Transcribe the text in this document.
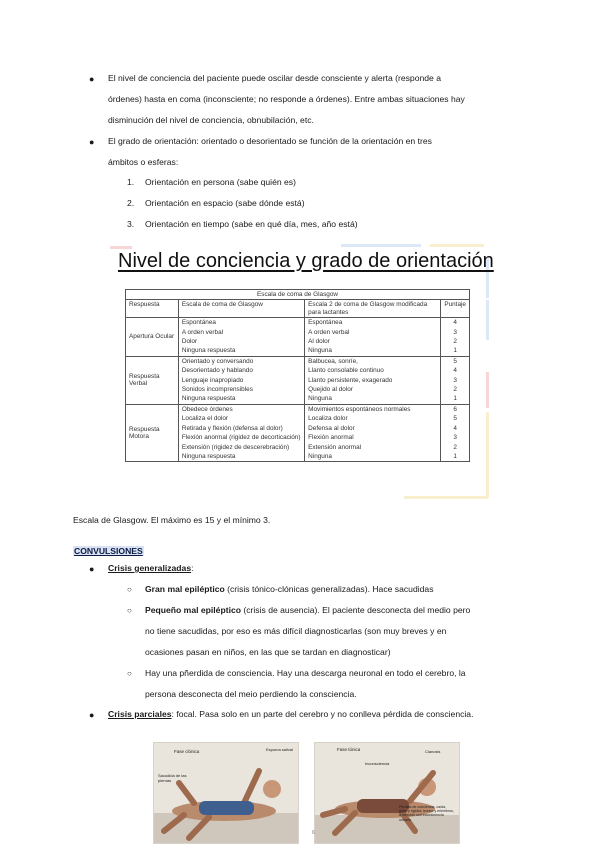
● El nivel de conciencia del paciente puede oscilar desde consciente y alerta (responde a
órdenes) hasta en coma (inconsciente; no responde a órdenes). Entre ambas situaciones hay
disminución del nivel de conciencia, obnubilación, etc.
● El grado de orientación: orientado o desorientado se función de la orientación en tres
ámbitos o esferas:
1. Orientación en persona (sabe quién es)
2. Orientación en espacio (sabe dónde está)
3. Orientación en tiempo (sabe en qué día, mes, año está)
Nivel de conciencia y grado de orientación
Escala de coma de Glasgow			
Respuesta	Escala de coma de Glasgow	Escala 2 de coma de Glasgow modificada para lactantes	Puntaje
Apertura Ocular	Espontánea	Espontánea	4
	A orden verbal	A orden verbal	3
	Dolor	Al dolor	2
	Ninguna respuesta	Ninguna	1
Respuesta Verbal	Orientado y conversando	Balbucea, sonríe,	5
	Desorientado y hablando	Llanto consolable continuo	4
	Lenguaje inapropiado	Llanto persistente, exagerado	3
	Sonidos incomprensibles	Quejido al dolor	2
	Ninguna respuesta	Ninguna	1
Respuesta Motora	Obedece órdenes	Movimientos espontáneos normales	6
	Localiza el dolor	Localiza dolor	5
	Retirada y flexión (defensa al dolor)	Defensa al dolor	4
	Flexión anormal (rigidez de decorticación)	Flexión anormal	3
	Extensión (rigidez de descerebración)	Extensión anormal	2
	Ninguna respuesta	Ninguna	1
Escala de Glasgow. El máximo es 15 y el mínimo 3.
CONVULSIONES
● Crisis generalizadas:
○ Gran mal epiléptico (crisis tónico-clónicas generalizadas). Hace sacudidas
○ Pequeño mal epiléptico (crisis de ausencia). El paciente desconecta del medio pero
no tiene sacudidas, por eso es más difícil diagnosticarlas (son muy breves y en
ocasiones pasan en niños, en las que se tardan en diagnosticar)
○ Hay una pñerdida de consciencia. Hay una descarga neuronal en todo el cerebro, la
persona desconecta del meio perdiendo la consciencia.
● Crisis parciales: focal. Pasa solo en un parte del cerebro y no conlleva pérdida de consciencia.
Fase clónica	Espuma salival
Sacudida de las piernas
Fase tónica	Cianosis
Inconsciencia
Pérdida de conciencia, caída, grito, y rigidez, tronco y miembros, a menudo con incontinencia urinaria
6
